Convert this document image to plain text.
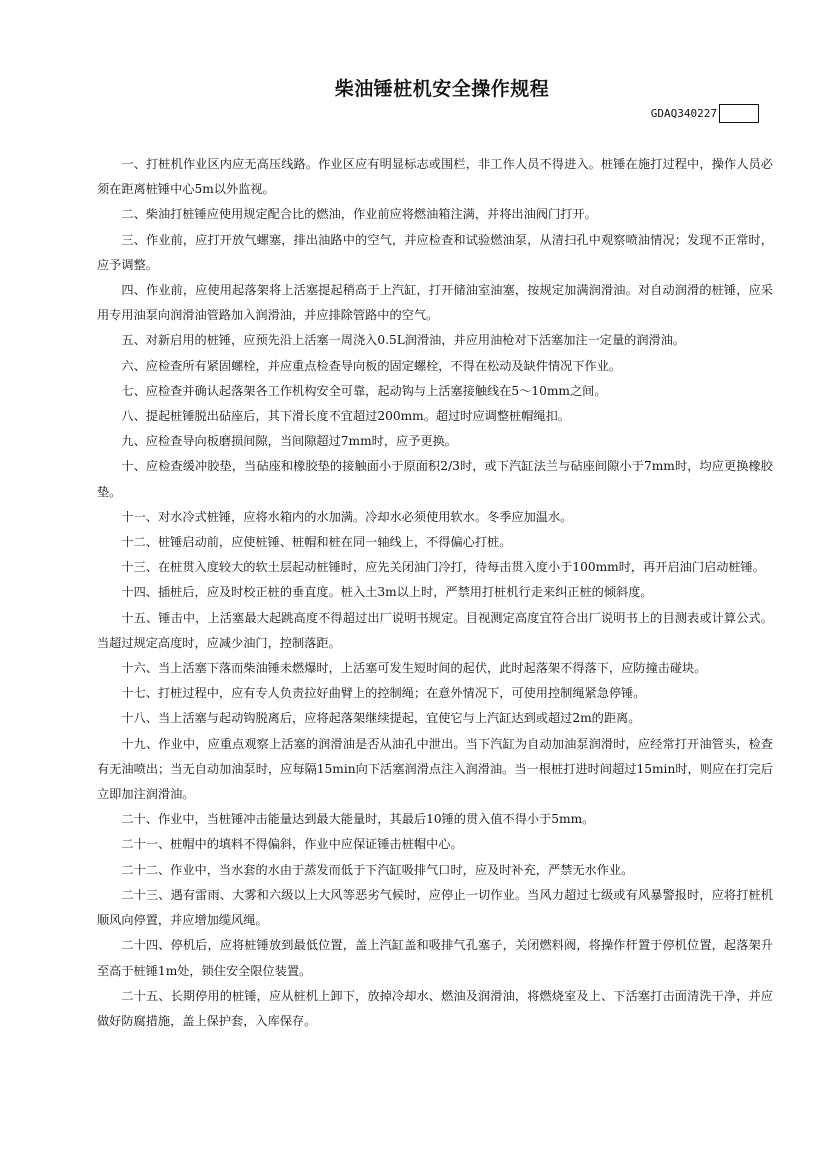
柴油锤桩机安全操作规程
GDAQ340227

一、打桩机作业区内应无高压线路。作业区应有明显标志或围栏，非工作人员不得进入。桩锤在施打过程中，操作人员必须在距离桩锤中心5m以外监视。

二、柴油打桩锤应使用规定配合比的燃油，作业前应将燃油箱注满，并将出油阀门打开。

三、作业前，应打开放气螺塞，排出油路中的空气，并应检查和试验燃油泵，从清扫孔中观察喷油情况；发现不正常时，应予调整。

四、作业前，应使用起落架将上活塞提起稍高于上汽缸，打开储油室油塞，按规定加满润滑油。对自动润滑的桩锤，应采用专用油泵向润滑油管路加入润滑油，并应排除管路中的空气。

五、对新启用的桩锤，应预先沿上活塞一周浇入0.5L润滑油，并应用油枪对下活塞加注一定量的润滑油。

六、应检查所有紧固螺栓，并应重点检查导向板的固定螺栓，不得在松动及缺件情况下作业。

七、应检查并确认起落架各工作机构安全可靠，起动钩与上活塞接触线在5～10mm之间。

八、提起桩锤脱出砧座后，其下滑长度不宜超过200mm。超过时应调整桩帽绳扣。

九、应检查导向板磨损间隙，当间隙超过7mm时，应予更换。

十、应检查缓冲胶垫，当砧座和橡胶垫的接触面小于原面积2/3时，或下汽缸法兰与砧座间隙小于7mm时，均应更换橡胶垫。

十一、对水冷式桩锤，应将水箱内的水加满。冷却水必须使用软水。冬季应加温水。

十二、桩锤启动前，应使桩锤、桩帽和桩在同一轴线上，不得偏心打桩。

十三、在桩贯入度较大的软土层起动桩锤时，应先关闭油门冷打，待每击贯入度小于100mm时，再开启油门启动桩锤。

十四、插桩后，应及时校正桩的垂直度。桩入土3m以上时，严禁用打桩机行走来纠正桩的倾斜度。

十五、锤击中，上活塞最大起跳高度不得超过出厂说明书规定。目视测定高度宜符合出厂说明书上的目测表或计算公式。当超过规定高度时，应减少油门，控制落距。

十六、当上活塞下落而柴油锤未燃爆时，上活塞可发生短时间的起伏，此时起落架不得落下，应防撞击碰块。

十七、打桩过程中，应有专人负责拉好曲臂上的控制绳；在意外情况下，可使用控制绳紧急停锤。

十八、当上活塞与起动钩脱离后，应将起落架继续提起，宜使它与上汽缸达到或超过2m的距离。

十九、作业中，应重点观察上活塞的润滑油是否从油孔中泄出。当下汽缸为自动加油泵润滑时，应经常打开油管头，检查有无油喷出；当无自动加油泵时，应每隔15min向下活塞润滑点注入润滑油。当一根桩打进时间超过15min时，则应在打完后立即加注润滑油。

二十、作业中，当桩锤冲击能量达到最大能量时，其最后10锤的贯入值不得小于5mm。

二十一、桩帽中的填料不得偏斜，作业中应保证锤击桩帽中心。

二十二、作业中，当水套的水由于蒸发而低于下汽缸吸排气口时，应及时补充，严禁无水作业。

二十三、遇有雷雨、大雾和六级以上大风等恶劣气候时，应停止一切作业。当风力超过七级或有风暴警报时，应将打桩机顺风向停置，并应增加缆风绳。

二十四、停机后，应将桩锤放到最低位置，盖上汽缸盖和吸排气孔塞子，关闭燃料阀，将操作杆置于停机位置，起落架升至高于桩锤1m处，锁住安全限位装置。

二十五、长期停用的桩锤，应从桩机上卸下，放掉冷却水、燃油及润滑油，将燃烧室及上、下活塞打击面清洗干净，并应做好防腐措施，盖上保护套，入库保存。
